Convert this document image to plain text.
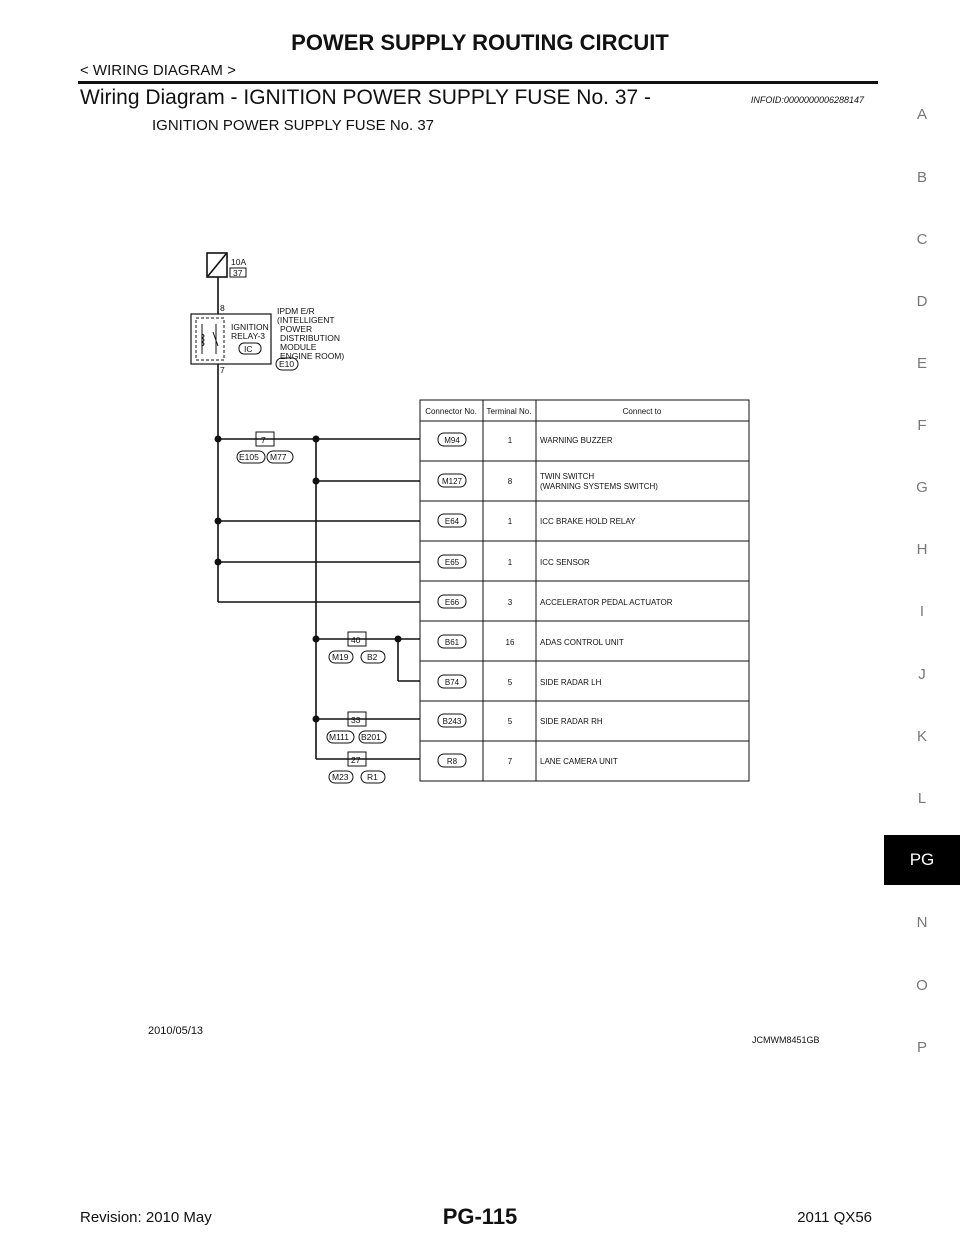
POWER SUPPLY ROUTING CIRCUIT
< WIRING DIAGRAM >
Wiring Diagram - IGNITION POWER SUPPLY FUSE No. 37 -	INFOID:0000000006288147
IGNITION POWER SUPPLY FUSE No. 37
10A
37
8
7
IGNITION
RELAY-3
IC
IPDM E/R
(INTELLIGENT
POWER
DISTRIBUTION
MODULE
ENGINE ROOM)
E10
7
E105 M77
40
M19 B2
33
M111 B201
27
M23 R1
Connector No. Terminal No.	Connect to
M94	1	WARNING BUZZER
M127	8
TWIN SWITCH
(WARNING SYSTEMS SWITCH)
E64	1	ICC BRAKE HOLD RELAY
E65	1	ICC SENSOR
E66	3	ACCELERATOR PEDAL ACTUATOR
B61	16	ADAS CONTROL UNIT
B74	5	SIDE RADAR LH
B243	5	SIDE RADAR RH
R8	7	LANE CAMERA UNIT
2010/05/13
JCMWM8451GB
A
B
C
D
E
F
G
H
I
J
K
L
PG
N
O
P
Revision: 2010 May	PG-115	2011 QX56
